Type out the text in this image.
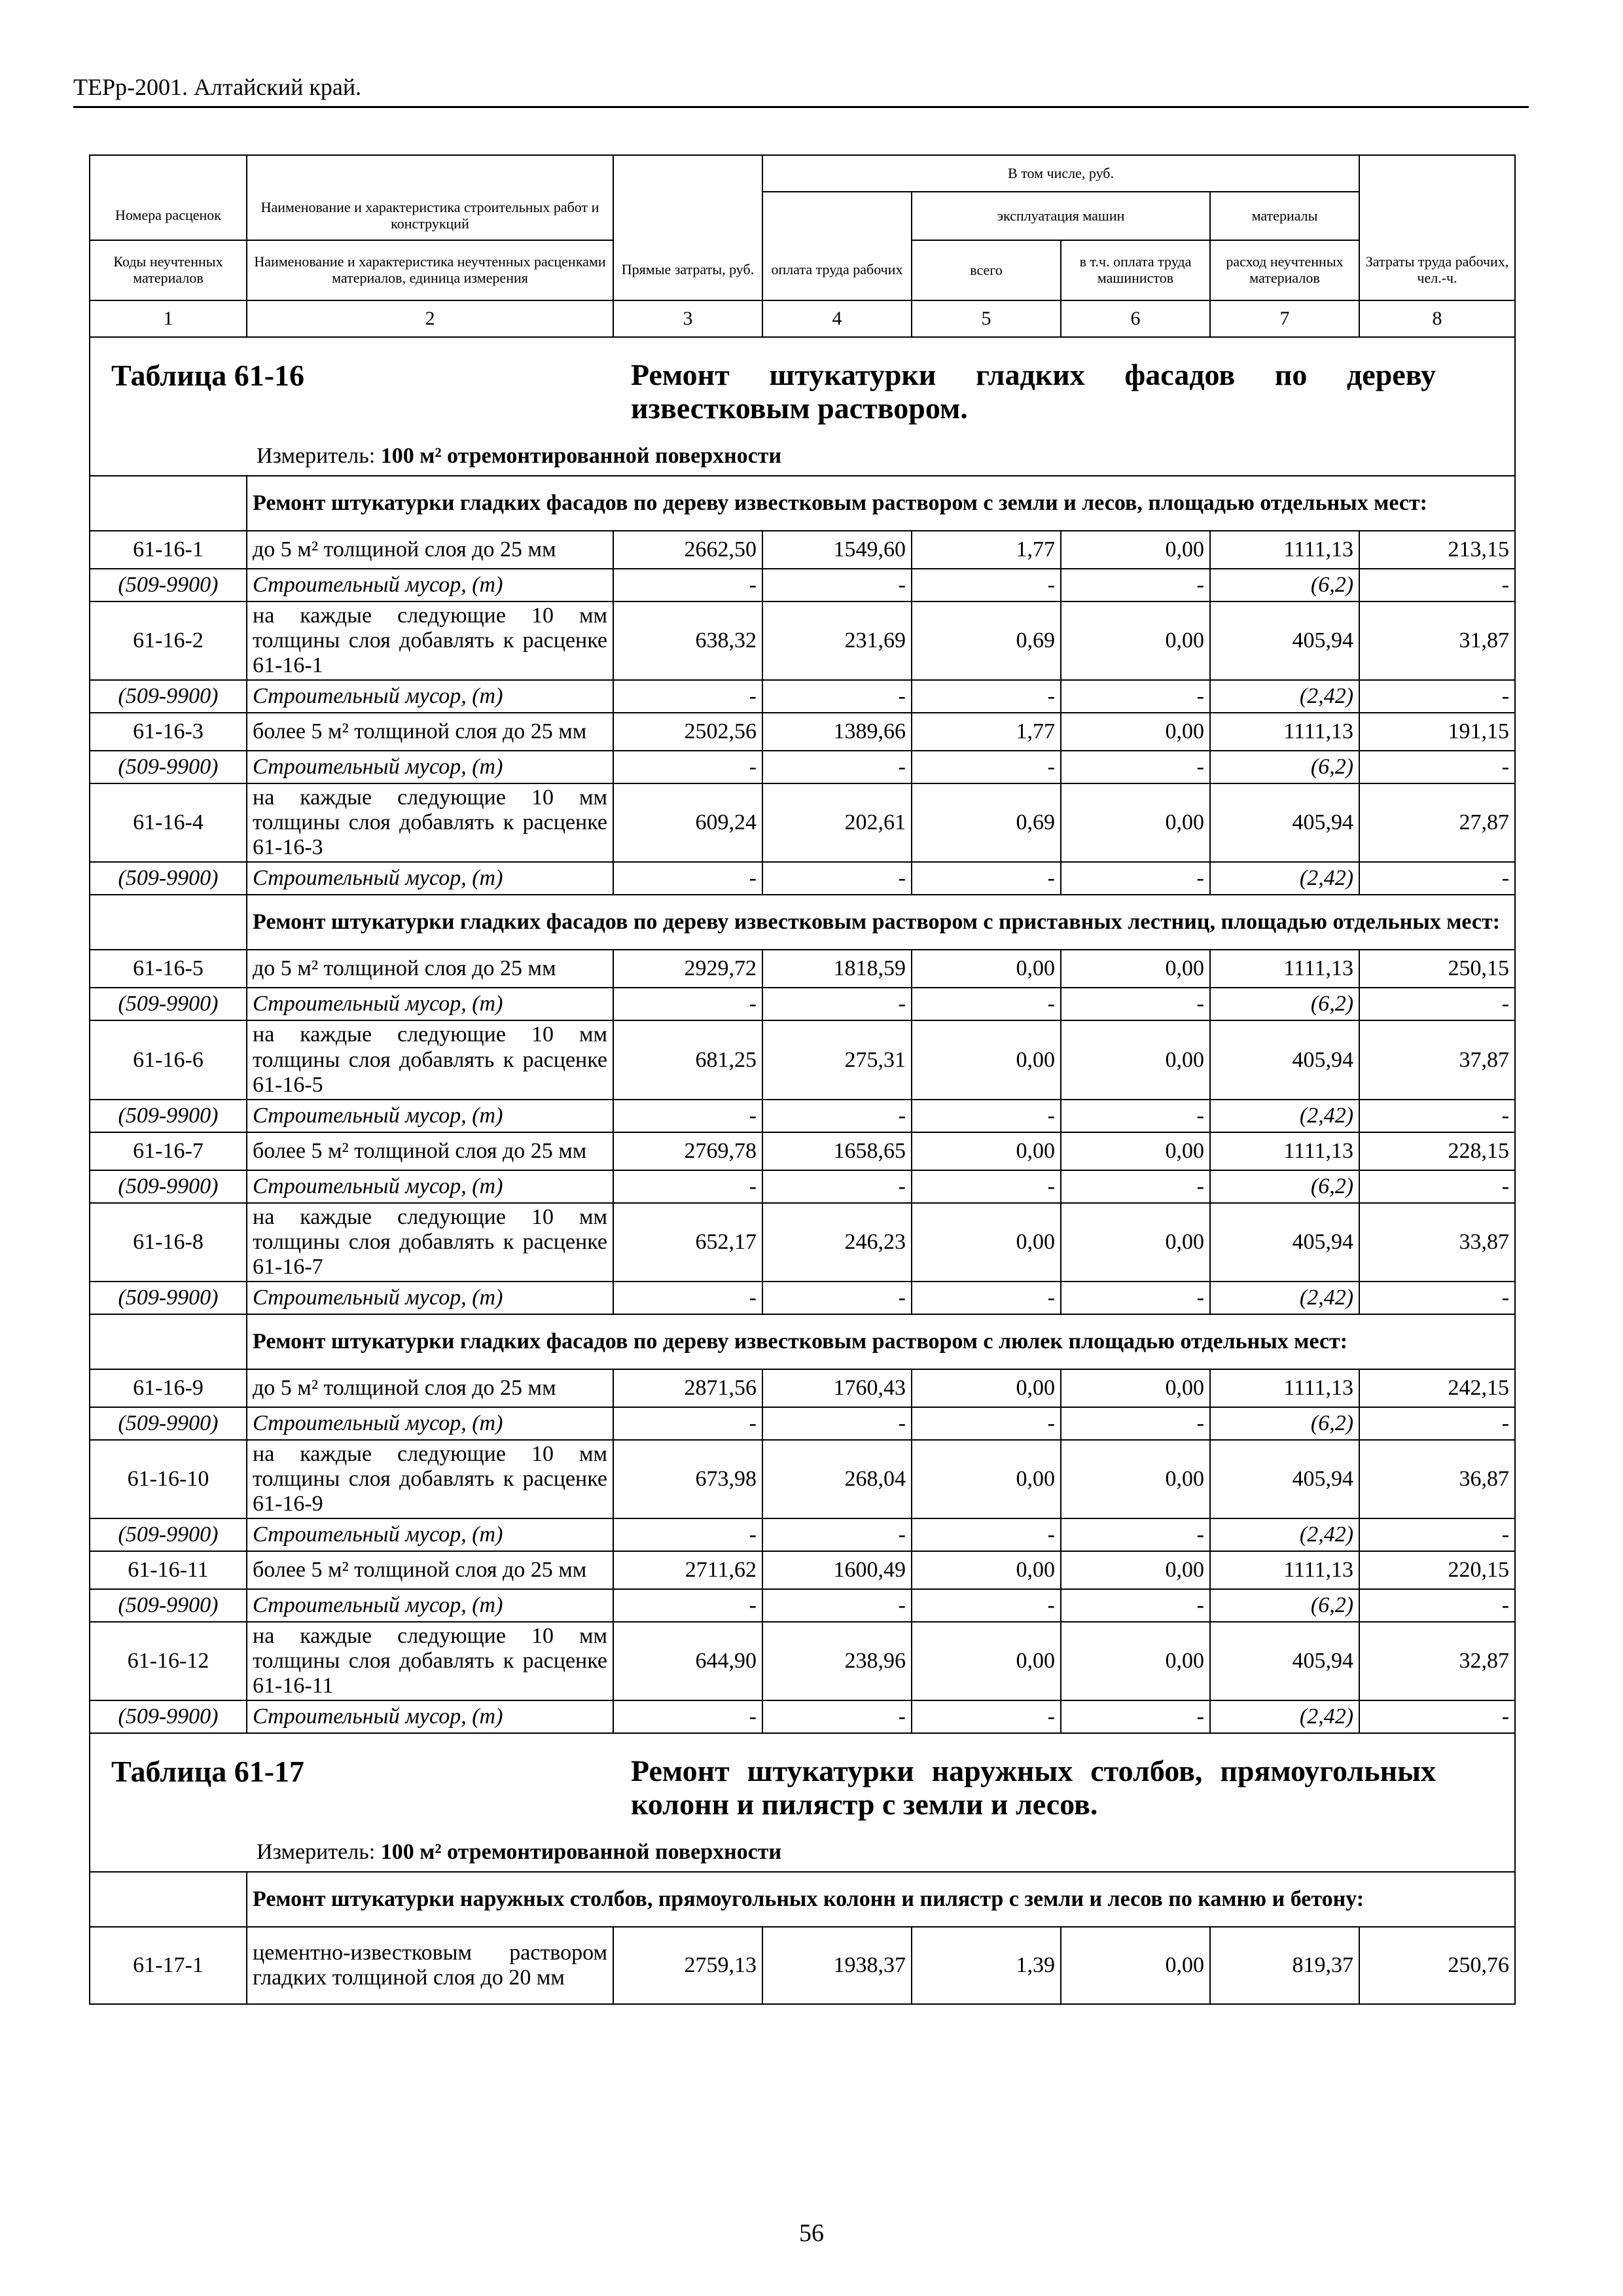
ТЕРр-2001. Алтайский край.
			В том числе, руб.				
Номера расценок	Наименование и характеристика строительных работ и конструкций			эксплуатация машин		материалы	
Коды неучтенных материалов	Наименование и характеристика неучтенных расценками материалов, единица измерения	Прямые затраты, руб.	оплата труда рабочих	всего	в т.ч. оплата труда машинистов	расход неучтенных материалов	Затраты труда рабочих, чел.-ч.
1	2	3	4	5	6	7	8

Таблица 61-16 Ремонт штукатурки гладких фасадов по дереву известковым раствором.
Измеритель: 100 м² отремонтированной поверхности							

	Ремонт штукатурки гладких фасадов по дереву известковым раствором с земли и лесов, площадью отдельных мест:						
61-16-1	до 5 м² толщиной слоя до 25 мм	2662,50	1549,60	1,77	0,00	1111,13	213,15
(509-9900)	Строительный мусор, (т)	-	-	-	-	(6,2)	-
61-16-2	на каждые следующие 10 мм толщины слоя добавлять к расценке 61-16-1	638,32	231,69	0,69	0,00	405,94	31,87
(509-9900)	Строительный мусор, (т)	-	-	-	-	(2,42)	-
61-16-3	более 5 м² толщиной слоя до 25 мм	2502,56	1389,66	1,77	0,00	1111,13	191,15
(509-9900)	Строительный мусор, (т)	-	-	-	-	(6,2)	-
61-16-4	на каждые следующие 10 мм толщины слоя добавлять к расценке 61-16-3	609,24	202,61	0,69	0,00	405,94	27,87
(509-9900)	Строительный мусор, (т)	-	-	-	-	(2,42)	-
	Ремонт штукатурки гладких фасадов по дереву известковым раствором с приставных лестниц, площадью отдельных мест:						
61-16-5	до 5 м² толщиной слоя до 25 мм	2929,72	1818,59	0,00	0,00	1111,13	250,15
(509-9900)	Строительный мусор, (т)	-	-	-	-	(6,2)	-
61-16-6	на каждые следующие 10 мм толщины слоя добавлять к расценке 61-16-5	681,25	275,31	0,00	0,00	405,94	37,87
(509-9900)	Строительный мусор, (т)	-	-	-	-	(2,42)	-
61-16-7	более 5 м² толщиной слоя до 25 мм	2769,78	1658,65	0,00	0,00	1111,13	228,15
(509-9900)	Строительный мусор, (т)	-	-	-	-	(6,2)	-
61-16-8	на каждые следующие 10 мм толщины слоя добавлять к расценке 61-16-7	652,17	246,23	0,00	0,00	405,94	33,87
(509-9900)	Строительный мусор, (т)	-	-	-	-	(2,42)	-
	Ремонт штукатурки гладких фасадов по дереву известковым раствором с люлек площадью отдельных мест:						
61-16-9	до 5 м² толщиной слоя до 25 мм	2871,56	1760,43	0,00	0,00	1111,13	242,15
(509-9900)	Строительный мусор, (т)	-	-	-	-	(6,2)	-
61-16-10	на каждые следующие 10 мм толщины слоя добавлять к расценке 61-16-9	673,98	268,04	0,00	0,00	405,94	36,87
(509-9900)	Строительный мусор, (т)	-	-	-	-	(2,42)	-
61-16-11	более 5 м² толщиной слоя до 25 мм	2711,62	1600,49	0,00	0,00	1111,13	220,15
(509-9900)	Строительный мусор, (т)	-	-	-	-	(6,2)	-
61-16-12	на каждые следующие 10 мм толщины слоя добавлять к расценке 61-16-11	644,90	238,96	0,00	0,00	405,94	32,87
(509-9900)	Строительный мусор, (т)	-	-	-	-	(2,42)	-

Таблица 61-17 Ремонт штукатурки наружных столбов, прямоугольных колонн и пилястр с земли и лесов.
Измеритель: 100 м² отремонтированной поверхности							

	Ремонт штукатурки наружных столбов, прямоугольных колонн и пилястр с земли и лесов по камню и бетону:						
61-17-1	цементно-известковым раствором гладких толщиной слоя до 20 мм	2759,13	1938,37	1,39	0,00	819,37	250,76
56
